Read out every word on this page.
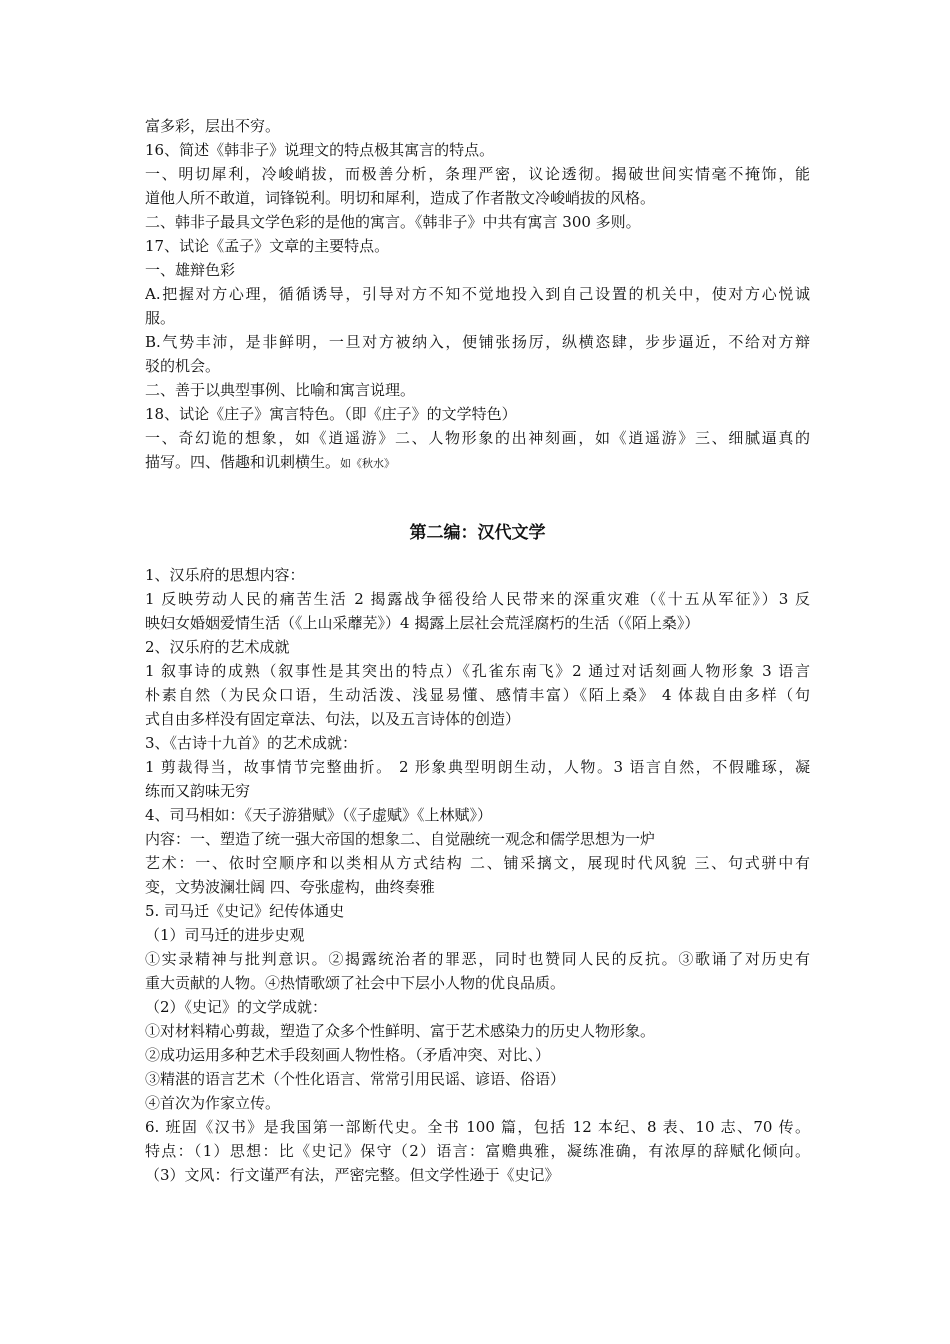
富多彩，层出不穷。
16、简述《韩非子》说理文的特点极其寓言的特点。
一、明切犀利，冷峻峭拔，而极善分析，条理严密，议论透彻。揭破世间实情毫不掩饰，能
道他人所不敢道，词锋锐利。明切和犀利，造成了作者散文冷峻峭拔的风格。
二、韩非子最具文学色彩的是他的寓言。《韩非子》中共有寓言 300 多则。
17、试论《孟子》文章的主要特点。
一、雄辩色彩
A.把握对方心理，循循诱导，引导对方不知不觉地投入到自己设置的机关中，使对方心悦诚
服。
B.气势丰沛，是非鲜明，一旦对方被纳入，便铺张扬厉，纵横恣肆，步步逼近，不给对方辩
驳的机会。
二、善于以典型事例、比喻和寓言说理。
18、试论《庄子》寓言特色。（即《庄子》的文学特色）
一、奇幻诡的想象，如《逍遥游》二、人物形象的出神刻画，如《逍遥游》三、细腻逼真的
描写。四、偕趣和讥刺横生。如《秋水》
第二编：汉代文学
1、汉乐府的思想内容：
1 反映劳动人民的痛苦生活 2 揭露战争徭役给人民带来的深重灾难（《十五从军征》）3 反
映妇女婚姻爱情生活（《上山采蘼芜》）4 揭露上层社会荒淫腐朽的生活（《陌上桑》）
2、汉乐府的艺术成就
1 叙事诗的成熟（叙事性是其突出的特点）《孔雀东南飞》2 通过对话刻画人物形象 3 语言
朴素自然（为民众口语，生动活泼、浅显易懂、感情丰富）《陌上桑》 4 体裁自由多样（句
式自由多样没有固定章法、句法，以及五言诗体的创造）
3、《古诗十九首》的艺术成就：
1 剪裁得当，故事情节完整曲折。 2 形象典型明朗生动，人物。3 语言自然，不假雕琢，凝
练而又韵味无穷
4、司马相如：《天子游猎赋》（《子虚赋》《上林赋》）
内容：一、塑造了统一强大帝国的想象二、自觉融统一观念和儒学思想为一炉
艺术：一、依时空顺序和以类相从方式结构 二、铺采摛文，展现时代风貌 三、句式骈中有
变，文势波澜壮阔 四、夸张虚构，曲终奏雅
5. 司马迁《史记》纪传体通史
（1）司马迁的进步史观
①实录精神与批判意识。②揭露统治者的罪恶，同时也赞同人民的反抗。③歌诵了对历史有
重大贡献的人物。④热情歌颂了社会中下层小人物的优良品质。
（2）《史记》的文学成就：
①对材料精心剪裁，塑造了众多个性鲜明、富于艺术感染力的历史人物形象。
②成功运用多种艺术手段刻画人物性格。（矛盾冲突、对比、）
③精湛的语言艺术（个性化语言、常常引用民谣、谚语、俗语）
④首次为作家立传。
6. 班固《汉书》是我国第一部断代史。全书 100 篇，包括 12 本纪、8 表、10 志、70 传。
特点：（1）思想：比《史记》保守（2）语言：富赡典雅，凝练准确，有浓厚的辞赋化倾向。
（3）文风：行文谨严有法，严密完整。但文学性逊于《史记》
